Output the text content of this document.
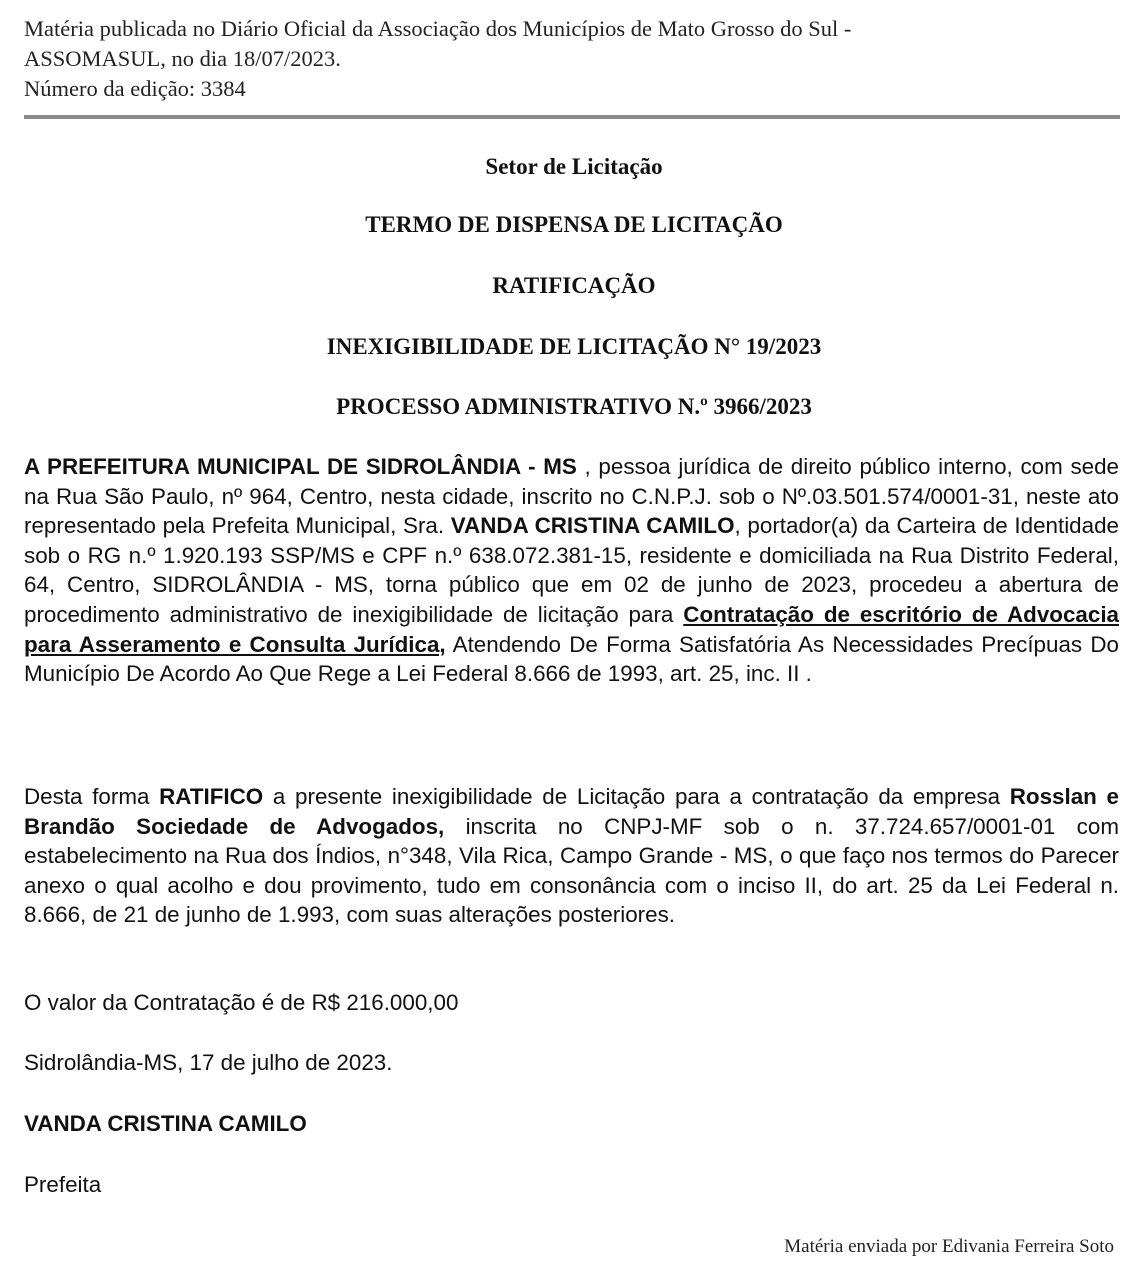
Matéria publicada no Diário Oficial da Associação dos Municípios de Mato Grosso do Sul -
ASSOMASUL, no dia 18/07/2023.
Número da edição: 3384
Setor de Licitação
TERMO DE DISPENSA DE LICITAÇÃO
RATIFICAÇÃO
INEXIGIBILIDADE DE LICITAÇÃO N° 19/2023
PROCESSO ADMINISTRATIVO N.º 3966/2023
A PREFEITURA MUNICIPAL DE SIDROLÂNDIA - MS , pessoa jurídica de direito público interno, com sede na Rua São Paulo, nº 964, Centro, nesta cidade, inscrito no C.N.P.J. sob o Nº.03.501.574/0001-31, neste ato representado pela Prefeita Municipal, Sra. VANDA CRISTINA CAMILO, portador(a) da Carteira de Identidade sob o RG n.º 1.920.193 SSP/MS e CPF n.º 638.072.381-15, residente e domiciliada na Rua Distrito Federal, 64, Centro, SIDROLÂNDIA - MS, torna público que em 02 de junho de 2023, procedeu a abertura de procedimento administrativo de inexigibilidade de licitação para Contratação de escritório de Advocacia para Asseramento e Consulta Jurídica, Atendendo De Forma Satisfatória As Necessidades Precípuas Do Município De Acordo Ao Que Rege a Lei Federal 8.666 de 1993, art. 25, inc. II .
Desta forma RATIFICO a presente inexigibilidade de Licitação para a contratação da empresa Rosslan e Brandão Sociedade de Advogados, inscrita no CNPJ-MF sob o n. 37.724.657/0001-01 com estabelecimento na Rua dos Índios, n°348, Vila Rica, Campo Grande - MS, o que faço nos termos do Parecer anexo o qual acolho e dou provimento, tudo em consonância com o inciso II, do art. 25 da Lei Federal n. 8.666, de 21 de junho de 1.993, com suas alterações posteriores.
O valor da Contratação é de R$ 216.000,00
Sidrolândia-MS, 17 de julho de 2023.
VANDA CRISTINA CAMILO
Prefeita
Matéria enviada por Edivania Ferreira Soto
